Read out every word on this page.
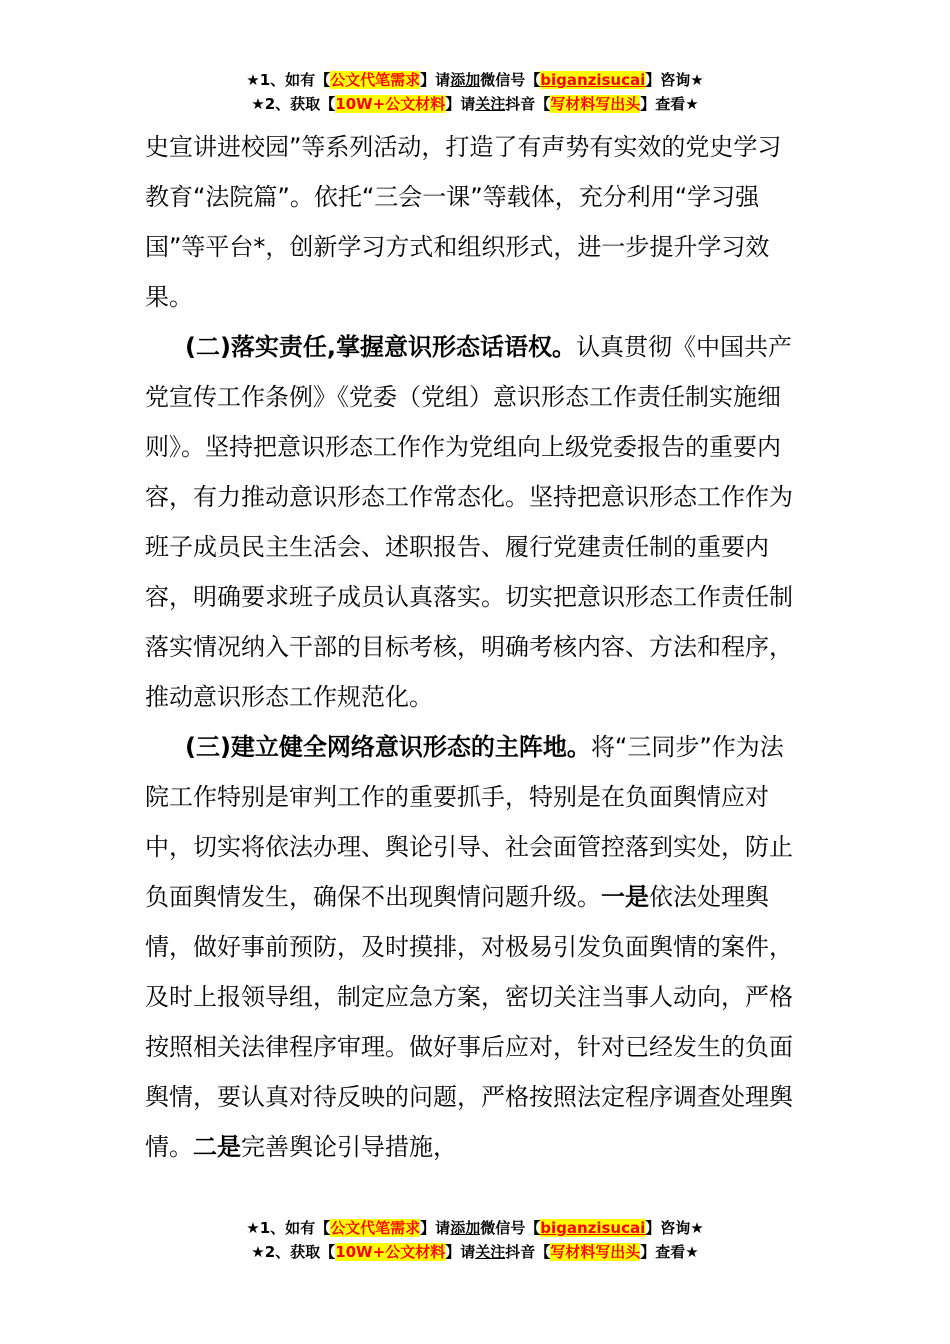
★1、如有【公文代笔需求】请添加微信号【biganzisucai】咨询★
★2、获取【10W+公文材料】请关注抖音【写材料写出头】查看★

史宣讲进校园”等系列活动，打造了有声势有实效的党史学习教育“法院篇”。依托“三会一课”等载体，充分利用“学习强国”等平台*，创新学习方式和组织形式，进一步提升学习效果。

(二)落实责任,掌握意识形态话语权。认真贯彻《中国共产党宣传工作条例》《党委（党组）意识形态工作责任制实施细则》。坚持把意识形态工作作为党组向上级党委报告的重要内容，有力推动意识形态工作常态化。坚持把意识形态工作作为班子成员民主生活会、述职报告、履行党建责任制的重要内容，明确要求班子成员认真落实。切实把意识形态工作责任制落实情况纳入干部的目标考核，明确考核内容、方法和程序，推动意识形态工作规范化。

(三)建立健全网络意识形态的主阵地。将“三同步”作为法院工作特别是审判工作的重要抓手，特别是在负面舆情应对中，切实将依法办理、舆论引导、社会面管控落到实处，防止负面舆情发生，确保不出现舆情问题升级。一是依法处理舆情，做好事前预防，及时摸排，对极易引发负面舆情的案件，及时上报领导组，制定应急方案，密切关注当事人动向，严格按照相关法律程序审理。做好事后应对，针对已经发生的负面舆情，要认真对待反映的问题，严格按照法定程序调查处理舆情。二是完善舆论引导措施，

★1、如有【公文代笔需求】请添加微信号【biganzisucai】咨询★
★2、获取【10W+公文材料】请关注抖音【写材料写出头】查看★
